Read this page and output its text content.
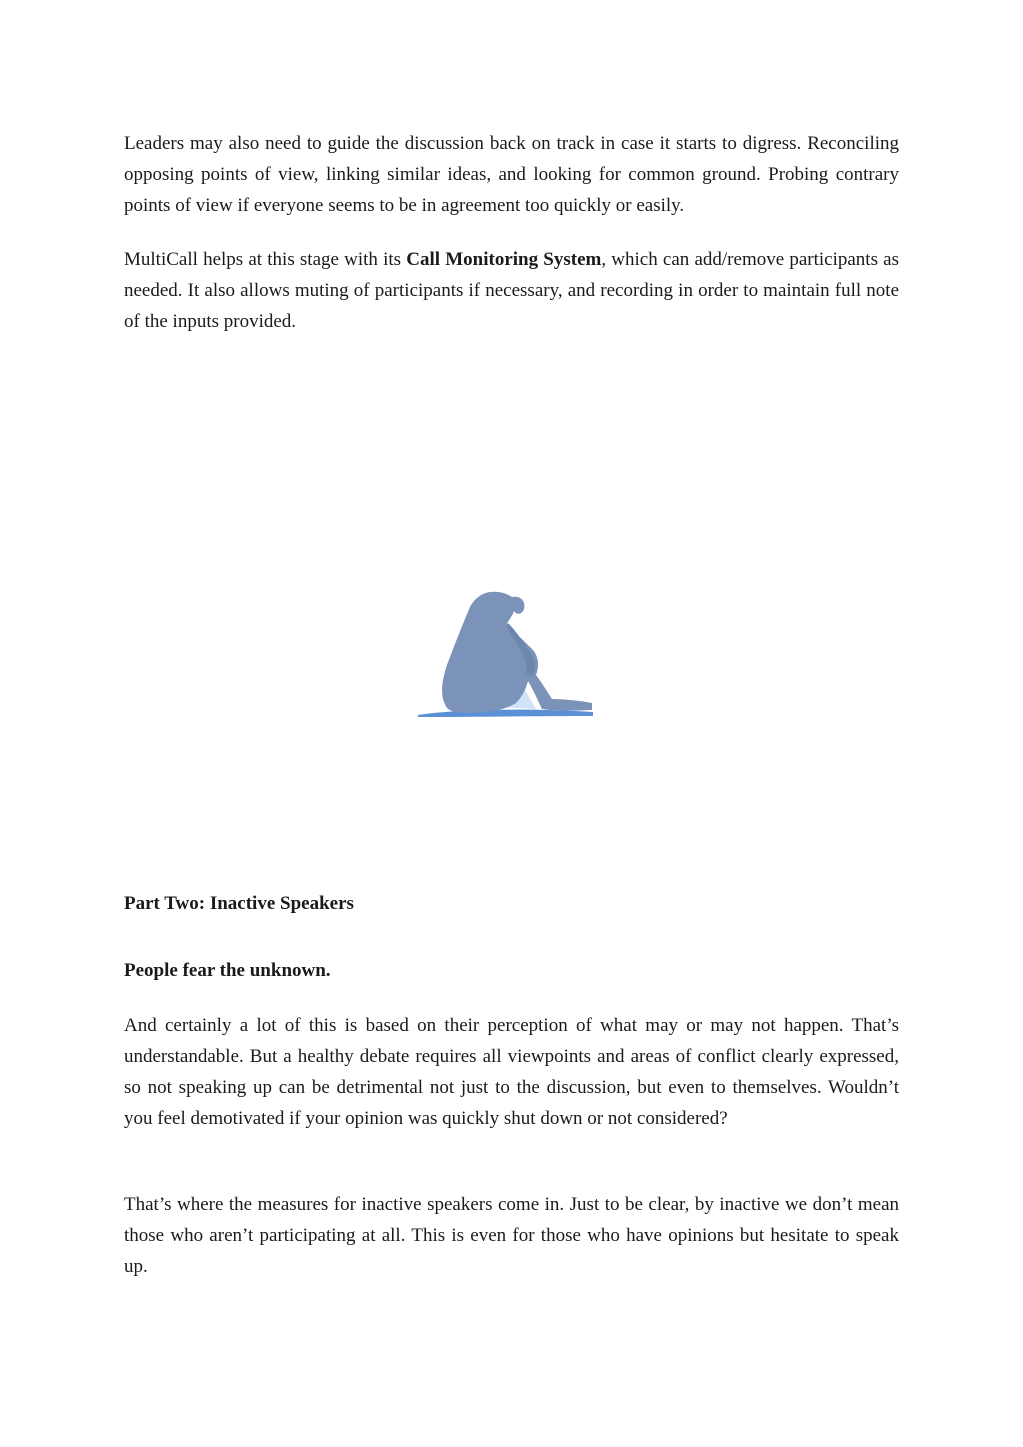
Leaders may also need to guide the discussion back on track in case it starts to digress. Reconciling opposing points of view, linking similar ideas, and looking for common ground. Probing contrary points of view if everyone seems to be in agreement too quickly or easily.

MultiCall helps at this stage with its Call Monitoring System, which can add/remove participants as needed. It also allows muting of participants if necessary, and recording in order to maintain full note of the inputs provided.

Part Two: Inactive Speakers
People fear the unknown.

And certainly a lot of this is based on their perception of what may or may not happen. That’s understandable. But a healthy debate requires all viewpoints and areas of conflict clearly expressed, so not speaking up can be detrimental not just to the discussion, but even to themselves. Wouldn’t you feel demotivated if your opinion was quickly shut down or not considered?

That’s where the measures for inactive speakers come in. Just to be clear, by inactive we don’t mean those who aren’t participating at all. This is even for those who have opinions but hesitate to speak up.
